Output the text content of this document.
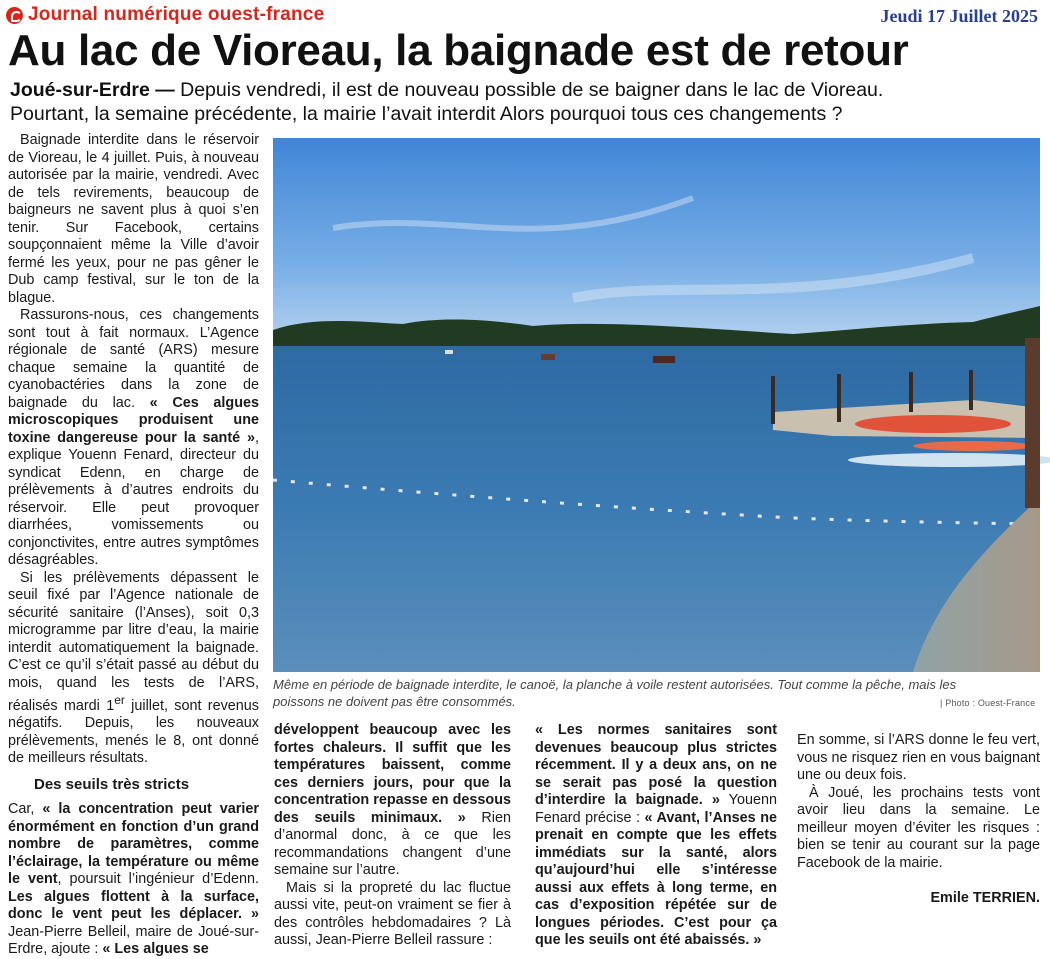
Journal numérique ouest-france	Jeudi 17 Juillet 2025
Au lac de Vioreau, la baignade est de retour
Joué-sur-Erdre — Depuis vendredi, il est de nouveau possible de se baigner dans le lac de Vioreau.
Pourtant, la semaine précédente, la mairie l’avait interdit Alors pourquoi tous ces changements ?

Baignade interdite dans le réservoir de Vioreau, le 4 juillet. Puis, à nouveau autorisée par la mairie, vendredi. Avec de tels revirements, beaucoup de baigneurs ne savent plus à quoi s’en tenir. Sur Facebook, certains soupçonnaient même la Ville d’avoir fermé les yeux, pour ne pas gêner le Dub camp festival, sur le ton de la blague.

Rassurons-nous, ces changements sont tout à fait normaux. L’Agence régionale de santé (ARS) mesure chaque semaine la quantité de cyanobactéries dans la zone de baignade du lac. « Ces algues microscopiques produisent une toxine dangereuse pour la santé », explique Youenn Fenard, directeur du syndicat Edenn, en charge de prélèvements à d’autres endroits du réservoir. Elle peut provoquer diarrhées, vomissements ou conjonctivites, entre autres symptômes désagréables.

Si les prélèvements dépassent le seuil fixé par l’Agence nationale de sécurité sanitaire (l’Anses), soit 0,3 microgramme par litre d’eau, la mairie interdit automatiquement la baignade. C’est ce qu’il s’était passé au début du mois, quand les tests de l’ARS, réalisés mardi 1er juillet, sont revenus négatifs. Depuis, les nouveaux prélèvements, menés le 8, ont donné de meilleurs résultats.

Des seuils très stricts

Car, « la concentration peut varier énormément en fonction d’un grand nombre de paramètres, comme l’éclairage, la température ou même le vent, poursuit l’ingénieur d’Edenn. Les algues flottent à la surface, donc le vent peut les déplacer. » Jean-Pierre Belleil, maire de Joué-sur-Erdre, ajoute : « Les algues se

Même en période de baignade interdite, le canoë, la planche à voile restent autorisées. Tout comme la pêche, mais les poissons ne doivent pas être consommés.	| Photo : Ouest-France

développent beaucoup avec les fortes chaleurs. Il suffit que les températures baissent, comme ces derniers jours, pour que la concentration repasse en dessous des seuils minimaux. » Rien d’anormal donc, à ce que les recommandations changent d’une semaine sur l’autre.

Mais si la propreté du lac fluctue aussi vite, peut-on vraiment se fier à des contrôles hebdomadaires ? Là aussi, Jean-Pierre Belleil rassure :

« Les normes sanitaires sont devenues beaucoup plus strictes récemment. Il y a deux ans, on ne se serait pas posé la question d’interdire la baignade. » Youenn Fenard précise : « Avant, l’Anses ne prenait en compte que les effets immédiats sur la santé, alors qu’aujourd’hui elle s’intéresse aussi aux effets à long terme, en cas d’exposition répétée sur de longues périodes. C’est pour ça que les seuils ont été abaissés. »

En somme, si l’ARS donne le feu vert, vous ne risquez rien en vous baignant une ou deux fois.

À Joué, les prochains tests vont avoir lieu dans la semaine. Le meilleur moyen d’éviter les risques : bien se tenir au courant sur la page Facebook de la mairie.

Emile TERRIEN.
